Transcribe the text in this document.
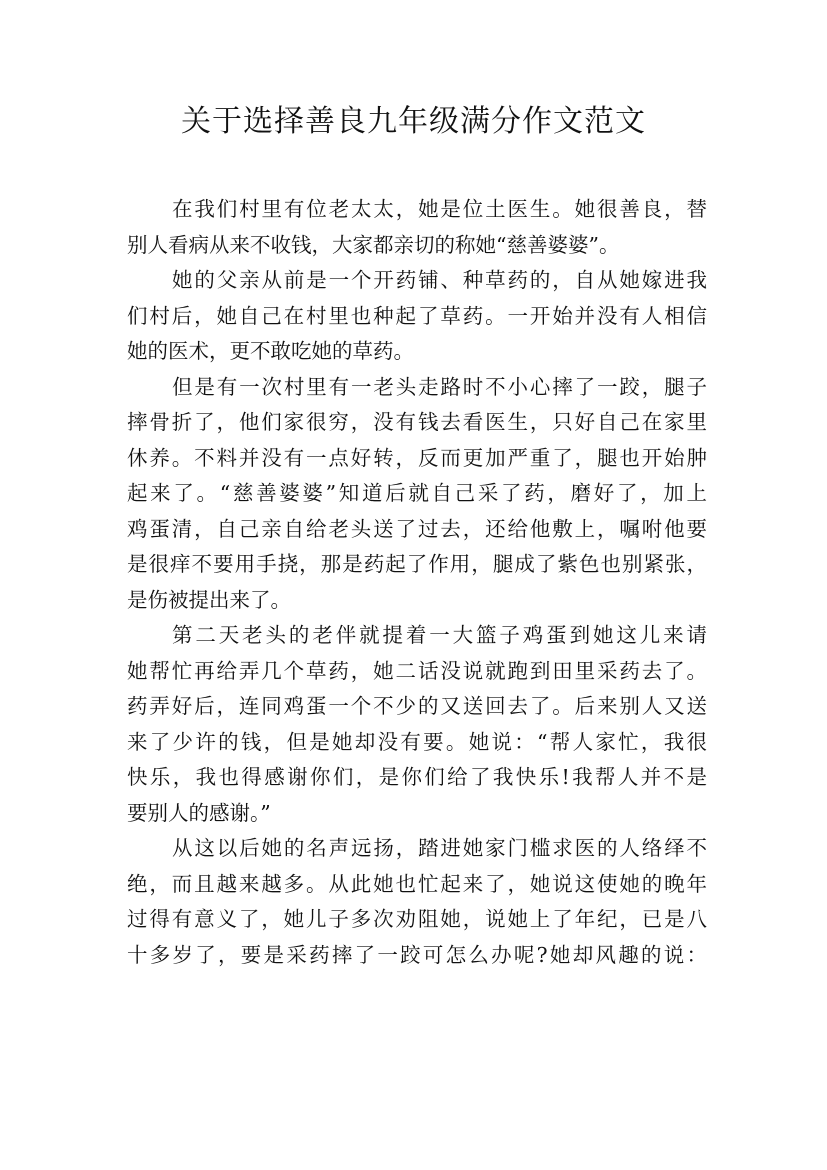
关于选择善良九年级满分作文范文
在我们村里有位老太太，她是位土医生。她很善良，替
别人看病从来不收钱，大家都亲切的称她“慈善婆婆”。
她的父亲从前是一个开药铺、种草药的，自从她嫁进我
们村后，她自己在村里也种起了草药。一开始并没有人相信
她的医术，更不敢吃她的草药。
但是有一次村里有一老头走路时不小心摔了一跤，腿子
摔骨折了，他们家很穷，没有钱去看医生，只好自己在家里
休养。不料并没有一点好转，反而更加严重了，腿也开始肿
起来了。“慈善婆婆”知道后就自己采了药，磨好了，加上
鸡蛋清，自己亲自给老头送了过去，还给他敷上，嘱咐他要
是很痒不要用手挠，那是药起了作用，腿成了紫色也别紧张，
是伤被提出来了。
第二天老头的老伴就提着一大篮子鸡蛋到她这儿来请
她帮忙再给弄几个草药，她二话没说就跑到田里采药去了。
药弄好后，连同鸡蛋一个不少的又送回去了。后来别人又送
来了少许的钱，但是她却没有要。她说：“帮人家忙，我很
快乐，我也得感谢你们，是你们给了我快乐!我帮人并不是
要别人的感谢。”
从这以后她的名声远扬，踏进她家门槛求医的人络绎不
绝，而且越来越多。从此她也忙起来了，她说这使她的晚年
过得有意义了，她儿子多次劝阻她，说她上了年纪，已是八
十多岁了，要是采药摔了一跤可怎么办呢?她却风趣的说：
